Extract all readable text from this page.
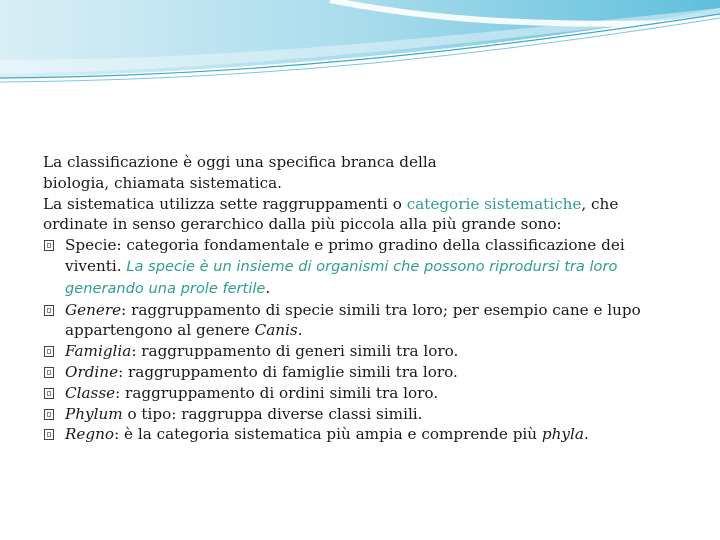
La classificazione è oggi una specifica branca della
biologia, chiamata sistematica.
La sistematica utilizza sette raggruppamenti o categorie sistematiche, che ordinate in senso gerarchico dalla più piccola alla più grande sono:

Specie: categoria fondamentale e primo gradino della classificazione dei viventi. La specie è un insieme di organismi che possono riprodursi tra loro generando una prole fertile.

Genere: raggruppamento di specie simili tra loro; per esempio cane e lupo appartengono al genere Canis.

Famiglia: raggruppamento di generi simili tra loro.

Ordine: raggruppamento di famiglie simili tra loro.

Classe: raggruppamento di ordini simili tra loro.

Phylum o tipo: raggruppa diverse classi simili.

Regno: è la categoria sistematica più ampia e comprende più phyla.
